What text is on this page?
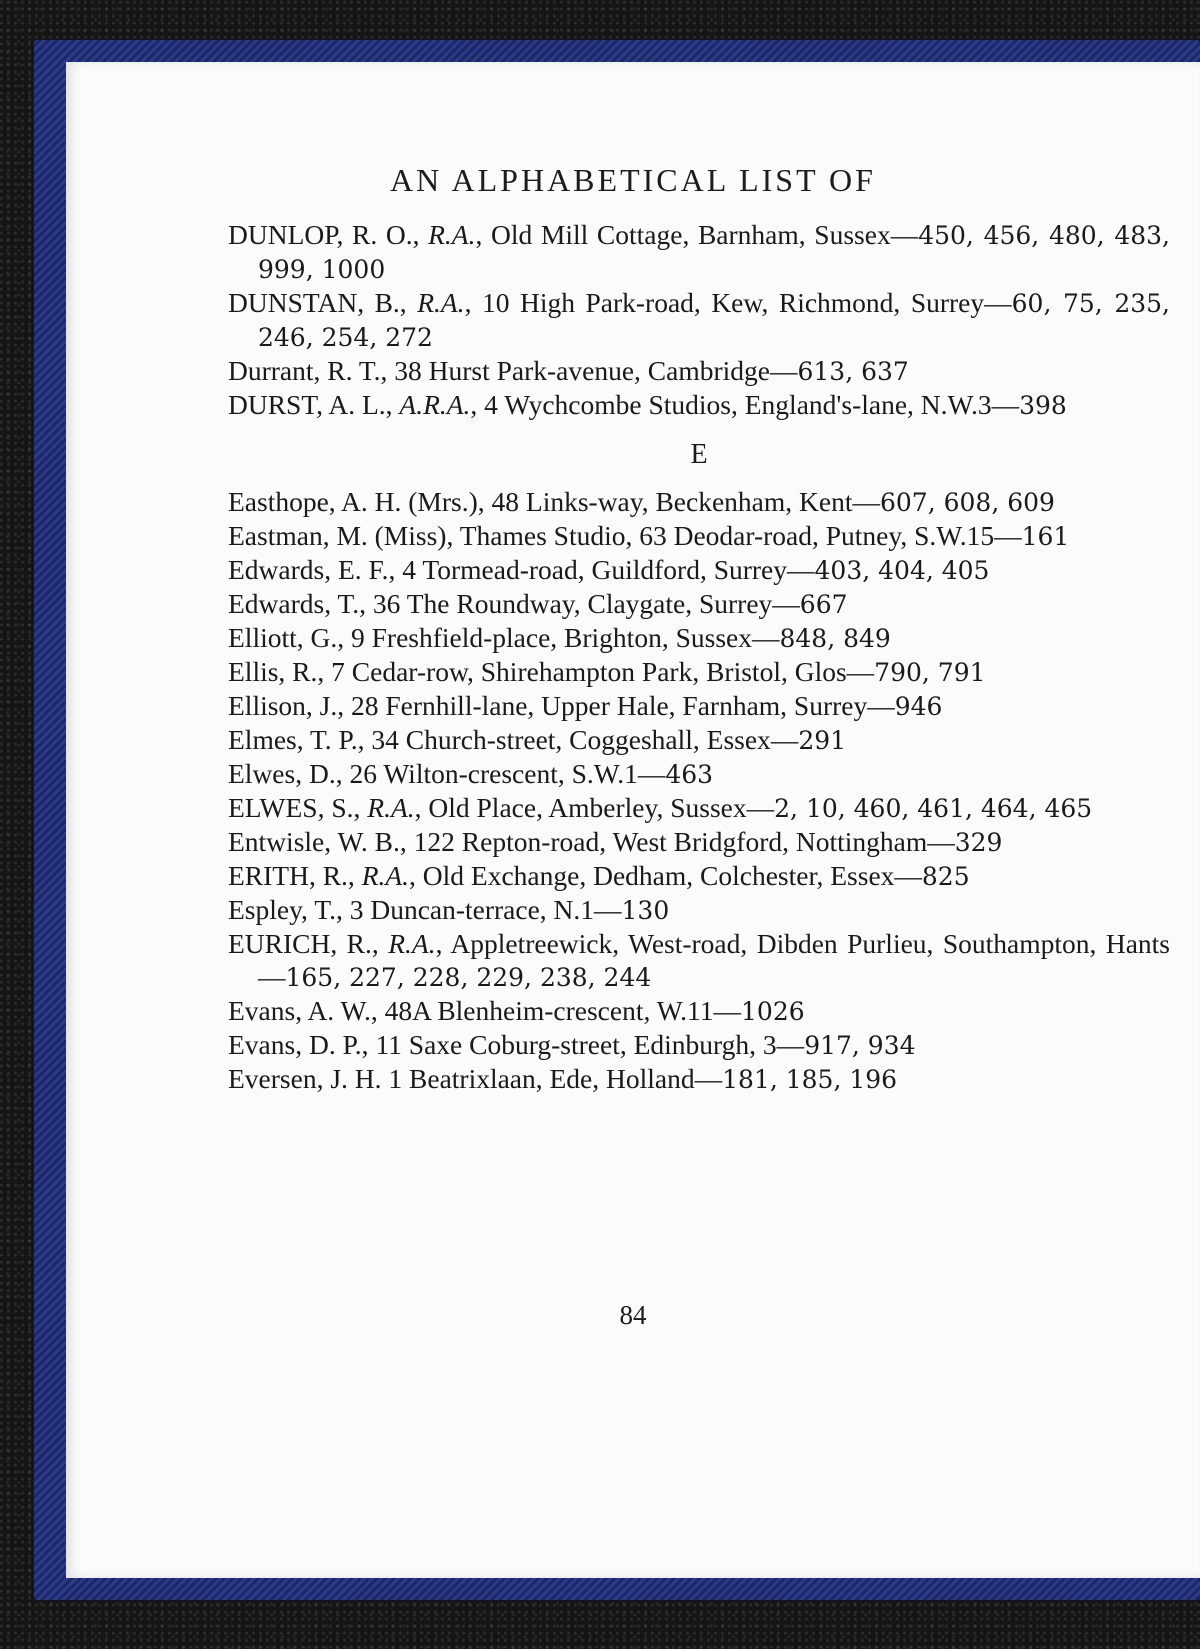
AN ALPHABETICAL LIST OF

DUNLOP, R. O., R.A., Old Mill Cottage, Barnham, Sussex—450, 456, 480, 483, 999, 1000

DUNSTAN, B., R.A., 10 High Park-road, Kew, Richmond, Surrey—60, 75, 235, 246, 254, 272

Durrant, R. T., 38 Hurst Park-avenue, Cambridge—613, 637

DURST, A. L., A.R.A., 4 Wychcombe Studios, England's-lane, N.W.3—398

E

Easthope, A. H. (Mrs.), 48 Links-way, Beckenham, Kent—607, 608, 609

Eastman, M. (Miss), Thames Studio, 63 Deodar-road, Putney, S.W.15—161

Edwards, E. F., 4 Tormead-road, Guildford, Surrey—403, 404, 405

Edwards, T., 36 The Roundway, Claygate, Surrey—667

Elliott, G., 9 Freshfield-place, Brighton, Sussex—848, 849

Ellis, R., 7 Cedar-row, Shirehampton Park, Bristol, Glos—790, 791

Ellison, J., 28 Fernhill-lane, Upper Hale, Farnham, Surrey—946

Elmes, T. P., 34 Church-street, Coggeshall, Essex—291

Elwes, D., 26 Wilton-crescent, S.W.1—463

ELWES, S., R.A., Old Place, Amberley, Sussex—2, 10, 460, 461, 464, 465

Entwisle, W. B., 122 Repton-road, West Bridgford, Nottingham—329

ERITH, R., R.A., Old Exchange, Dedham, Colchester, Essex—825

Espley, T., 3 Duncan-terrace, N.1—130

EURICH, R., R.A., Appletreewick, West-road, Dibden Purlieu, Southampton, Hants—165, 227, 228, 229, 238, 244

Evans, A. W., 48A Blenheim-crescent, W.11—1026

Evans, D. P., 11 Saxe Coburg-street, Edinburgh, 3—917, 934

Eversen, J. H. 1 Beatrixlaan, Ede, Holland—181, 185, 196

84
